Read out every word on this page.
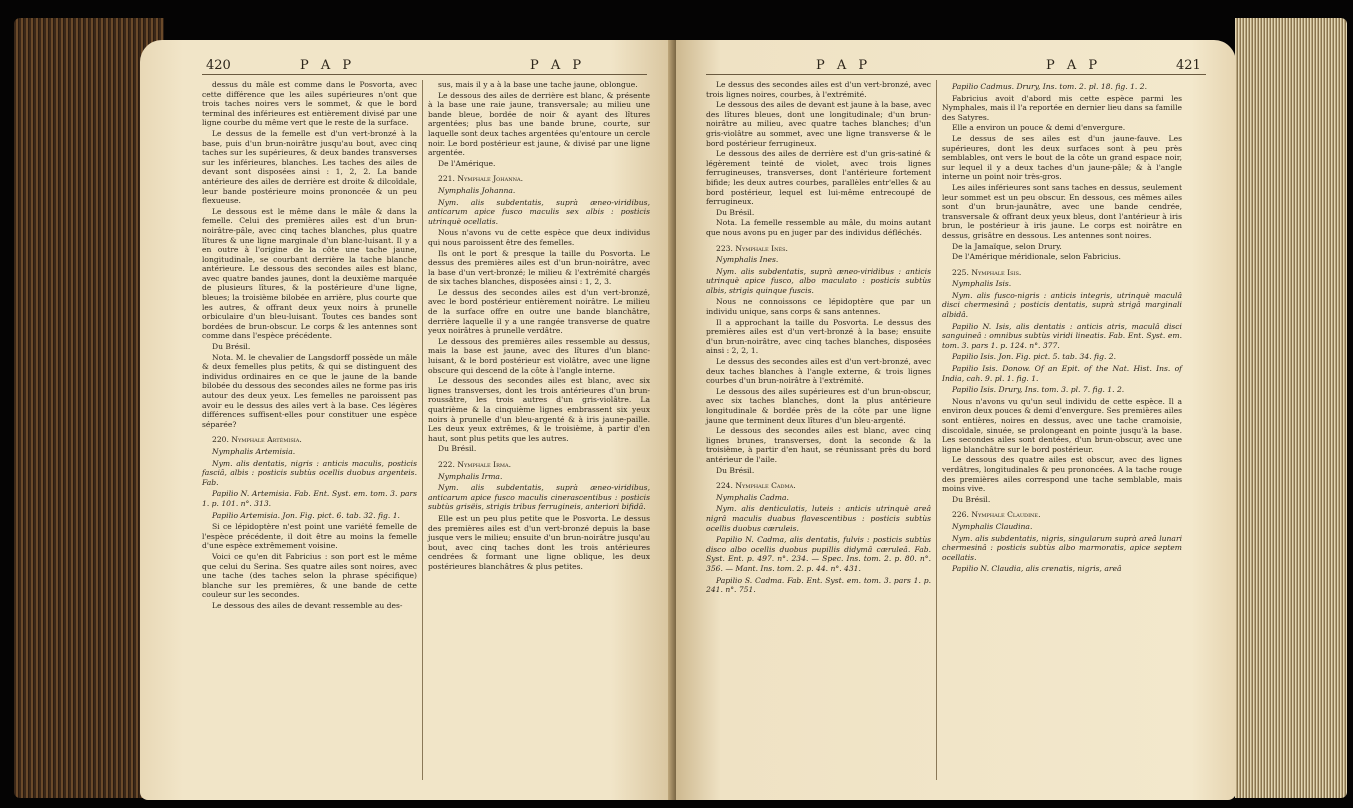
420	P A P	P A P

dessus du mâle est comme dans le Posvorta, avec cette différence que les ailes supérieures n'ont que trois taches noires vers le sommet, & que le bord terminal des inférieures est entièrement divisé par une ligne courbe du même vert que le reste de la surface.

Le dessus de la femelle est d'un vert-bronzé à la base, puis d'un brun-noirâtre jusqu'au bout, avec cinq taches sur les supérieures, & deux bandes transverses sur les inférieures, blanches. Les taches des ailes de devant sont disposées ainsi : 1, 2, 2. La bande antérieure des ailes de derrière est droite & dilcoïdale, leur bande postérieure moins prononcée & un peu flexueuse.

Le dessous est le même dans le mâle & dans la femelle. Celui des premières ailes est d'un brun-noirâtre-pâle, avec cinq taches blanches, plus quatre lîtures & une ligne marginale d'un blanc-luisant. Il y a en outre à l'origine de la côte une tache jaune, longitudinale, se courbant derrière la tache blanche antérieure. Le dessous des secondes ailes est blanc, avec quatre bandes jaunes, dont la deuxième marquée de plusieurs lîtures, & la postérieure d'une ligne, bleues; la troisième bilobée en arrière, plus courte que les autres, & offrant deux yeux noirs à prunelle orbiculaire d'un bleu-luisant. Toutes ces bandes sont bordées de brun-obscur. Le corps & les antennes sont comme dans l'espèce précédente.

Du Brésil.

Nota. M. le chevalier de Langsdorff possède un mâle & deux femelles plus petits, & qui se distinguent des individus ordinaires en ce que le jaune de la bande bilobée du dessous des secondes ailes ne forme pas iris autour des deux yeux. Les femelles ne paroissent pas avoir eu le dessus des ailes vert à la base. Ces légères différences suffisent-elles pour constituer une espèce séparée?

220. Nymphale Artémisia.

Nymphalis Artemisia.

Nym. alis dentatis, nigris : anticis maculis, posticis fasciâ, albis : posticis subtùs ocellis duobus argenteis. Fab.

Papilio N. Artemisia. Fab. Ent. Syst. em. tom. 3. pars 1. p. 101. n°. 313.

Papilio Artemisia. Jon. Fig. pict. 6. tab. 32. fig. 1.

Si ce lépidoptère n'est point une variété femelle de l'espèce précédente, il doit être au moins la femelle d'une espèce extrêmement voisine.

Voici ce qu'en dit Fabricius : son port est le même que celui du Serina. Ses quatre ailes sont noires, avec une tache (des taches selon la phrase spécifique) blanche sur les premières, & une bande de cette couleur sur les secondes.

Le dessous des ailes de devant ressemble au des-

sus, mais il y a à la base une tache jaune, oblongue.

Le dessous des ailes de derrière est blanc, & présente à la base une raie jaune, transversale; au milieu une bande bleue, bordée de noir & ayant des lîtures argentées; plus bas une bande brune, courte, sur laquelle sont deux taches argentées qu'entoure un cercle noir. Le bord postérieur est jaune, & divisé par une ligne argentée.

De l'Amérique.

221. Nymphale Johanna.

Nymphalis Johanna.

Nym. alis subdentatis, suprà æneo-viridibus, anticarum apice fusco maculis sex albis : posticis utrinquè ocellatis.

Nous n'avons vu de cette espèce que deux individus qui nous paroissent être des femelles.

Ils ont le port & presque la taille du Posvorta. Le dessus des premières ailes est d'un brun-noirâtre, avec la base d'un vert-bronzé; le milieu & l'extrémité chargés de six taches blanches, disposées ainsi : 1, 2, 3.

Le dessus des secondes ailes est d'un vert-bronzé, avec le bord postérieur entièrement noirâtre. Le milieu de la surface offre en outre une bande blanchâtre, derrière laquelle il y a une rangée transverse de quatre yeux noirâtres à prunelle verdâtre.

Le dessous des premières ailes ressemble au dessus, mais la base est jaune, avec des lîtures d'un blanc-luisant, & le bord postérieur est violâtre, avec une ligne obscure qui descend de la côte à l'angle interne.

Le dessous des secondes ailes est blanc, avec six lignes transverses, dont les trois antérieures d'un brun-roussâtre, les trois autres d'un gris-violâtre. La quatrième & la cinquième lignes embrassent six yeux noirs à prunelle d'un bleu-argenté & à iris jaune-paille. Les deux yeux extrêmes, & le troisième, à partir d'en haut, sont plus petits que les autres.

Du Brésil.

222. Nymphale Irma.

Nymphalis Irma.

Nym. alis subdentatis, suprà æneo-viridibus, anticarum apice fusco maculis cinerascentibus : posticis subtùs grisëis, strigis tribus ferrugineis, anteriori bifidâ.

Elle est un peu plus petite que le Posvorta. Le dessus des premières ailes est d'un vert-bronzé depuis la base jusque vers le milieu; ensuite d'un brun-noirâtre jusqu'au bout, avec cinq taches dont les trois antérieures cendrées & formant une ligne oblique, les deux postérieures blanchâtres & plus petites.

P A P	P A P	421

Le dessus des secondes ailes est d'un vert-bronzé, avec trois lignes noires, courbes, à l'extrémité.

Le dessous des ailes de devant est jaune à la base, avec des lîtures bleues, dont une longitudinale; d'un brun-noirâtre au milieu, avec quatre taches blanches; d'un gris-violâtre au sommet, avec une ligne transverse & le bord postérieur ferrugineux.

Le dessous des ailes de derrière est d'un gris-satiné & légèrement teinté de violet, avec trois lignes ferrugineuses, transverses, dont l'antérieure fortement bifide; les deux autres courbes, parallèles entr'elles & au bord postérieur, lequel est lui-même entrecoupé de ferrugineux.

Du Brésil.

Nota. La femelle ressemble au mâle, du moins autant que nous avons pu en juger par des individus défléchés.

223. Nymphale Inès.

Nymphalis Ines.

Nym. alis subdentatis, suprà æneo-viridibus : anticis utrinquè apice fusco, albo maculato : posticis subtùs albis, strigis quinque fuscis.

Nous ne connoissons ce lépidoptère que par un individu unique, sans corps & sans antennes.

Il a approchant la taille du Posvorta. Le dessus des premières ailes est d'un vert-bronzé à la base; ensuite d'un brun-noirâtre, avec cinq taches blanches, disposées ainsi : 2, 2, 1.

Le dessus des secondes ailes est d'un vert-bronzé, avec deux taches blanches à l'angle externe, & trois lignes courbes d'un brun-noirâtre à l'extrémité.

Le dessous des ailes supérieures est d'un brun-obscur, avec six taches blanches, dont la plus antérieure longitudinale & bordée près de la côte par une ligne jaune que terminent deux lîtures d'un bleu-argenté.

Le dessous des secondes ailes est blanc, avec cinq lignes brunes, transverses, dont la seconde & la troisième, à partir d'en haut, se réunissant près du bord antérieur de l'aile.

Du Brésil.

224. Nymphale Cadma.

Nymphalis Cadma.

Nym. alis denticulatis, luteis : anticis utrinquè areâ nigrâ maculis duabus flavescentibus : posticis subtùs ocellis duobus cæruleis.

Papilio N. Cadma, alis dentatis, fulvis : posticis subtùs disco albo ocellis duobus pupillis didymâ cæruleâ. Fab. Syst. Ent. p. 497. n°. 234. — Spec. Ins. tom. 2. p. 80. n°. 356. — Mant. Ins. tom. 2. p. 44. n°. 431.

Papilio S. Cadma. Fab. Ent. Syst. em. tom. 3. pars 1. p. 241. n°. 751.

Papilio Cadmus. Drury, Ins. tom. 2. pl. 18. fig. 1. 2.

Fabricius avoit d'abord mis cette espèce parmi les Nymphales, mais il l'a reportée en dernier lieu dans sa famille des Satyres.

Elle a environ un pouce & demi d'envergure.

Le dessus de ses ailes est d'un jaune-fauve. Les supérieures, dont les deux surfaces sont à peu près semblables, ont vers le bout de la côte un grand espace noir, sur lequel il y a deux taches d'un jaune-pâle; & à l'angle interne un point noir très-gros.

Les ailes inférieures sont sans taches en dessus, seulement leur sommet est un peu obscur. En dessous, ces mêmes ailes sont d'un brun-jaunâtre, avec une bande cendrée, transversale & offrant deux yeux bleus, dont l'antérieur à iris brun, le postérieur à iris jaune. Le corps est noirâtre en dessus, grisâtre en dessous. Les antennes sont noires.

De la Jamaïque, selon Drury.

De l'Amérique méridionale, selon Fabricius.

225. Nymphale Isis.

Nymphalis Isis.

Nym. alis fusco-nigris : anticis integris, utrinquè maculâ disci chermesinâ ; posticis dentatis, suprà strigâ marginali albidâ.

Papilio N. Isis, alis dentatis : anticis atris, maculâ disci sanguineâ : omnibus subtùs viridi lineatis. Fab. Ent. Syst. em. tom. 3. pars 1. p. 124. n°. 377.

Papilio Isis. Jon. Fig. pict. 5. tab. 34. fig. 2.

Papilio Isis. Donow. Of an Epit. of the Nat. Hist. Ins. of India, cah. 9. pl. 1. fig. 1.

Papilio Isis. Drury, Ins. tom. 3. pl. 7. fig. 1. 2.

Nous n'avons vu qu'un seul individu de cette espèce. Il a environ deux pouces & demi d'envergure. Ses premières ailes sont entières, noires en dessus, avec une tache cramoisie, discoïdale, sinuée, se prolongeant en pointe jusqu'à la base. Les secondes ailes sont dentées, d'un brun-obscur, avec une ligne blanchâtre sur le bord postérieur.

Le dessous des quatre ailes est obscur, avec des lignes verdâtres, longitudinales & peu prononcées. A la tache rouge des premières ailes correspond une tache semblable, mais moins vive.

Du Brésil.

226. Nymphale Claudine.

Nymphalis Claudina.

Nym. alis subdentatis, nigris, singularum suprà areâ lunari chermesinâ : posticis subtùs albo marmoratis, apice septem ocellatis.

Papilio N. Claudia, alis crenatis, nigris, areâ
